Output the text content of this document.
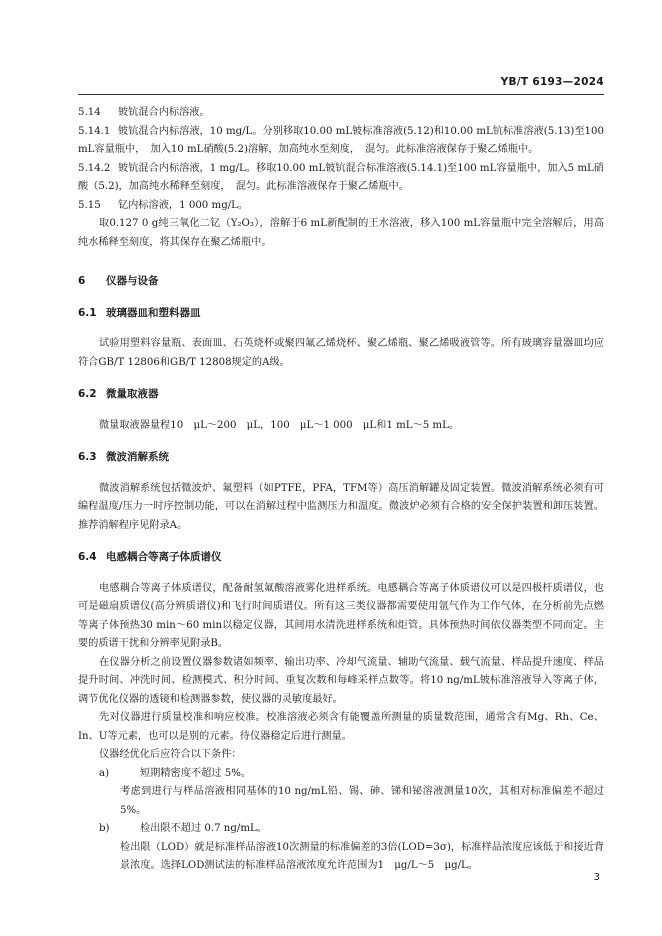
YB/T 6193—2024

5.14 铍钪混合内标溶液。

5.14.1 铍钪混合内标溶液，10 mg/L。分别移取10.00 mL铍标准溶液(5.12)和10.00 mL钪标准溶液(5.13)至100 mL容量瓶中，　加入10 mL硝酸(5.2)溶解，加高纯水至刻度，　混匀。此标准溶液保存于聚乙烯瓶中。

5.14.2 铍钪混合内标溶液，1 mg/L。移取10.00 mL铍钪混合标准溶液(5.14.1)至100 mL容量瓶中，加入5 mL硝酸（5.2)，加高纯水稀释至刻度，　混匀。此标准溶液保存于聚乙烯瓶中。

5.15 钇内标溶液，1 000 mg/L。

取0.127 0 g纯三氧化二钇（Y₂O₃），溶解于6 mL新配制的王水溶液，移入100 mL容量瓶中完全溶解后，用高纯水稀释至刻度，将其保存在聚乙烯瓶中。

6 仪器与设备
6.1 玻璃器皿和塑料器皿

试验用塑料容量瓶、表面皿、石英烧杯或聚四氟乙烯烧杯、聚乙烯瓶、聚乙烯吸液管等。所有玻璃容量器皿均应符合GB/T 12806和GB/T 12808规定的A级。

6.2 微量取液器

微量取液器量程10　μL～200　μL，100　μL～1 000　μL和1 mL～5 mL。

6.3 微波消解系统

微波消解系统包括微波炉、氟塑料（如PTFE，PFA，TFM等）高压消解罐及固定装置。微波消解系统必须有可编程温度/压力一时序控制功能，可以在消解过程中监测压力和温度。微波炉必须有合格的安全保护装置和卸压装置。推荐消解程序见附录A。

6.4 电感耦合等离子体质谱仪

电感耦合等离子体质谱仪，配备耐氢氟酸溶液雾化进样系统。电感耦合等离子体质谱仪可以是四极杆质谱仪，也可是磁扇质谱仪(高分辨质谱仪)和飞行时间质谱仪。所有这三类仪器都需要使用氩气作为工作气体，在分析前先点燃等离子体预热30 min～60 min以稳定仪器，其间用水清洗进样系统和炬管。具体预热时间依仪器类型不同而定。主要的质谱干扰和分辨率见附录B。

在仪器分析之前设置仪器参数诸如频率、输出功率、冷却气流量、辅助气流量、载气流量、样品提升速度、样品提升时间、冲洗时间、检测模式、积分时间、重复次数和每峰采样点数等。将10 ng/mL铍标准溶液导入等离子体，调节优化仪器的透镜和检测器参数，使仪器的灵敏度最好。

先对仪器进行质量校准和响应校准。校准溶液必须含有能覆盖所测量的质量数范围，通常含有Mg、Rh、Ce、In、U等元素，也可以是别的元素。待仪器稳定后进行测量。

仪器经优化后应符合以下条件：

a)	短期精密度不超过 5%。

考虑到进行与样品溶液相同基体的10 ng/mL铅、锡、砷、锑和铋溶液测量10次，其相对标准偏差不超过5%。

b)	检出限不超过 0.7 ng/mL。

检出限（LOD）就是标准样品溶液10次测量的标准偏差的3倍(LOD=3σ)，标准样品浓度应该低于和接近背景浓度。选择LOD测试法的标准样品溶液浓度允许范围为1　μg/L～5　μg/L。

3
